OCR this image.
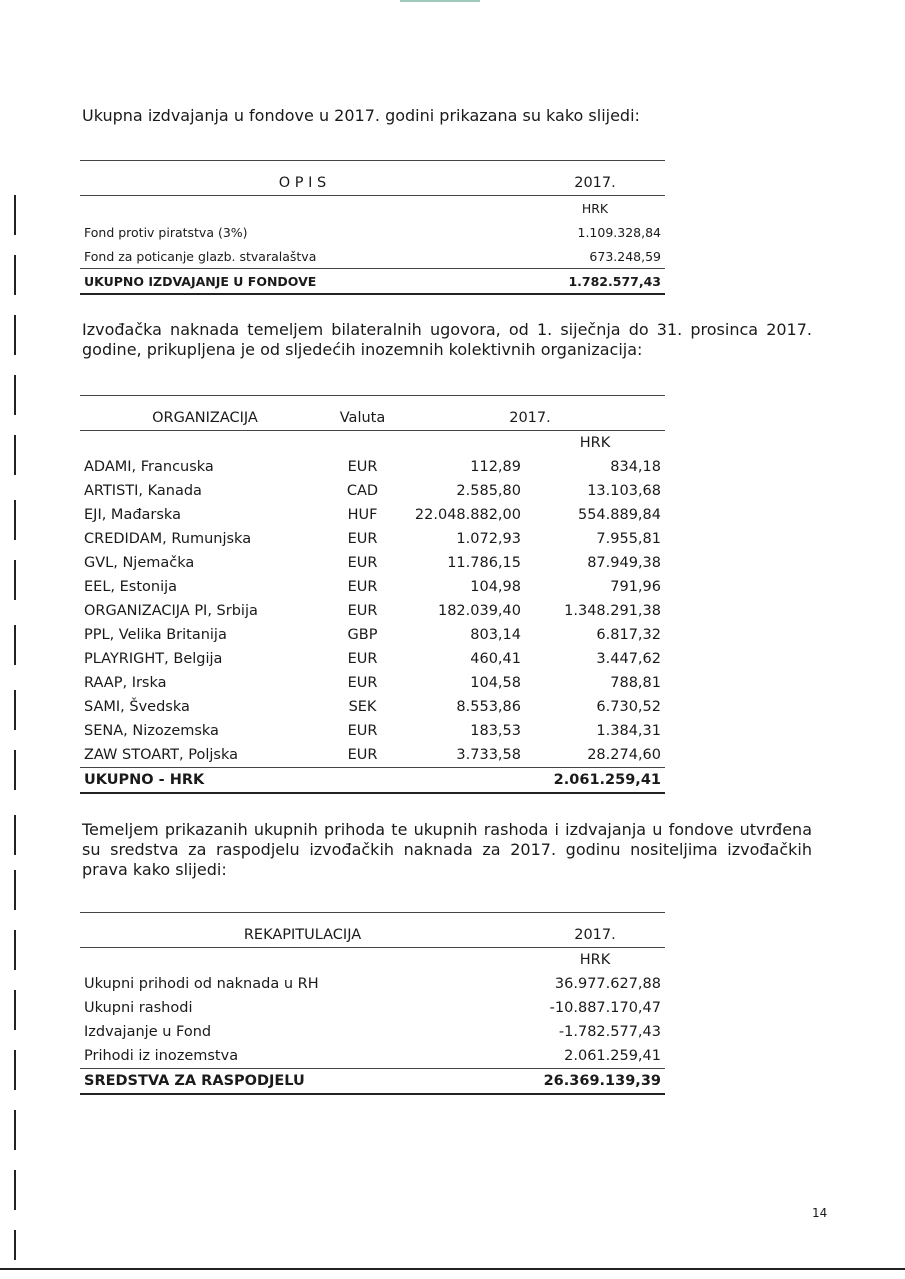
Ukupna izdvajanja u fondove u 2017. godini prikazana su kako slijedi:

O P I S	2017.
	HRK
Fond protiv piratstva (3%)	1.109.328,84
Fond za poticanje glazb. stvaralaštva	673.248,59
UKUPNO IZDVAJANJE U FONDOVE	1.782.577,43
Izvođačka naknada temeljem bilateralnih ugovora, od 1. siječnja do 31. prosinca 2017. godine, prikupljena je od sljedećih inozemnih kolektivnih organizacija:

ORGANIZACIJA	Valuta	2017.	
			HRK
ADAMI, Francuska	EUR	112,89	834,18
ARTISTI, Kanada	CAD	2.585,80	13.103,68
EJI, Mađarska	HUF	22.048.882,00	554.889,84
CREDIDAM, Rumunjska	EUR	1.072,93	7.955,81
GVL, Njemačka	EUR	11.786,15	87.949,38
EEL, Estonija	EUR	104,98	791,96
ORGANIZACIJA PI, Srbija	EUR	182.039,40	1.348.291,38
PPL, Velika Britanija	GBP	803,14	6.817,32
PLAYRIGHT, Belgija	EUR	460,41	3.447,62
RAAP, Irska	EUR	104,58	788,81
SAMI, Švedska	SEK	8.553,86	6.730,52
SENA, Nizozemska	EUR	183,53	1.384,31
ZAW STOART, Poljska	EUR	3.733,58	28.274,60
UKUPNO - HRK			2.061.259,41
Temeljem prikazanih ukupnih prihoda te ukupnih rashoda i izdvajanja u fondove utvrđena su sredstva za raspodjelu izvođačkih naknada za 2017. godinu nositeljima izvođačkih prava kako slijedi:

REKAPITULACIJA	2017.
	HRK
Ukupni prihodi od naknada u RH	36.977.627,88
Ukupni rashodi	-10.887.170,47
Izdvajanje u Fond	-1.782.577,43
Prihodi iz inozemstva	2.061.259,41
SREDSTVA ZA RASPODJELU	26.369.139,39
14
